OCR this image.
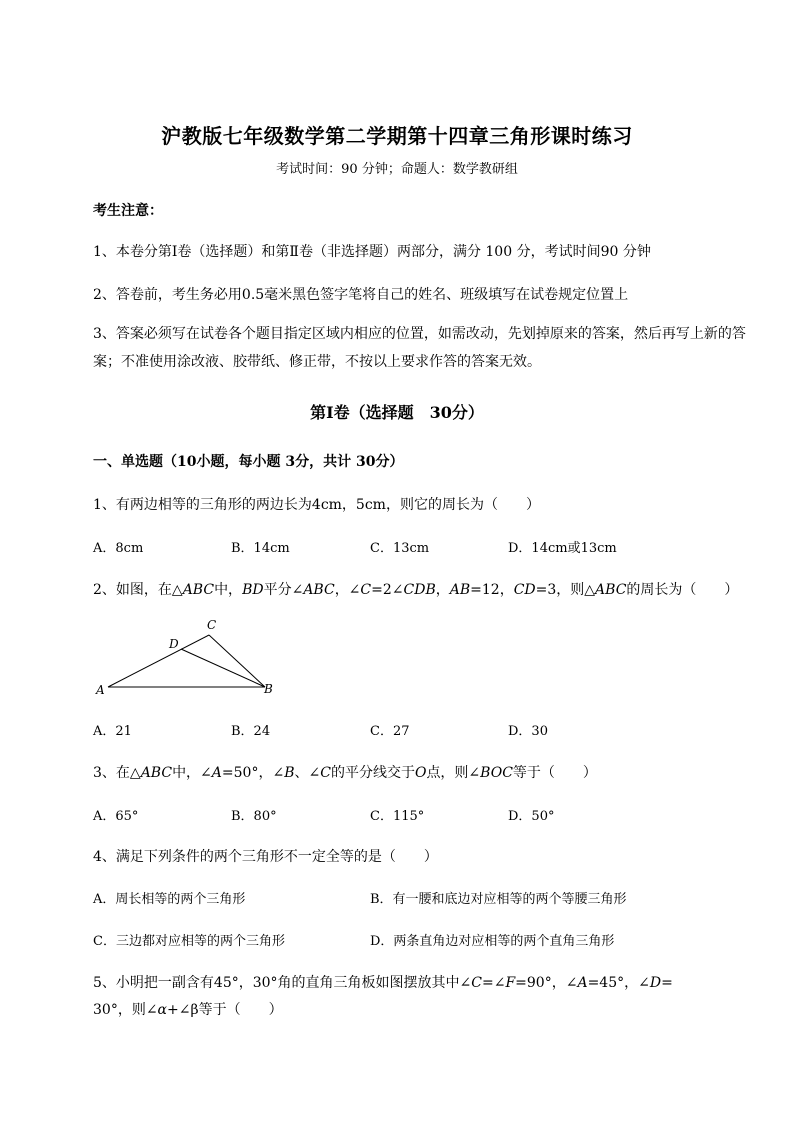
沪教版七年级数学第二学期第十四章三角形课时练习
考试时间：90 分钟；命题人：数学教研组
考生注意：
1、本卷分第Ⅰ卷（选择题）和第Ⅱ卷（非选择题）两部分，满分 100 分，考试时间90 分钟
2、答卷前，考生务必用0.5毫米黑色签字笔将自己的姓名、班级填写在试卷规定位置上
3、答案必须写在试卷各个题目指定区域内相应的位置，如需改动，先划掉原来的答案，然后再写上新的答案；不准使用涂改液、胶带纸、修正带，不按以上要求作答的答案无效。
第Ⅰ卷（选择题　30分）
一、单选题（10小题，每小题 3分，共计 30分）
1、有两边相等的三角形的两边长为4cm，5cm，则它的周长为（　　）
A．8cm	B．14cm	C．13cm	D．14cm或13cm
2、如图，在△ABC中，BD平分∠ABC，∠C=2∠CDB，AB=12，CD=3，则△ABC的周长为（　　）
A	B
C
D
A．21	B．24	C．27	D．30
3、在△ABC中，∠A=50°，∠B、∠C的平分线交于O点，则∠BOC等于（　　）
A．65°	B．80°	C．115°	D．50°
4、满足下列条件的两个三角形不一定全等的是（　　）
A．周长相等的两个三角形	B．有一腰和底边对应相等的两个等腰三角形
C．三边都对应相等的两个三角形	D．两条直角边对应相等的两个直角三角形
5、小明把一副含有45°，30°角的直角三角板如图摆放其中∠C=∠F=90°，∠A=45°，∠D=
30°，则∠α+∠β等于（　　）
